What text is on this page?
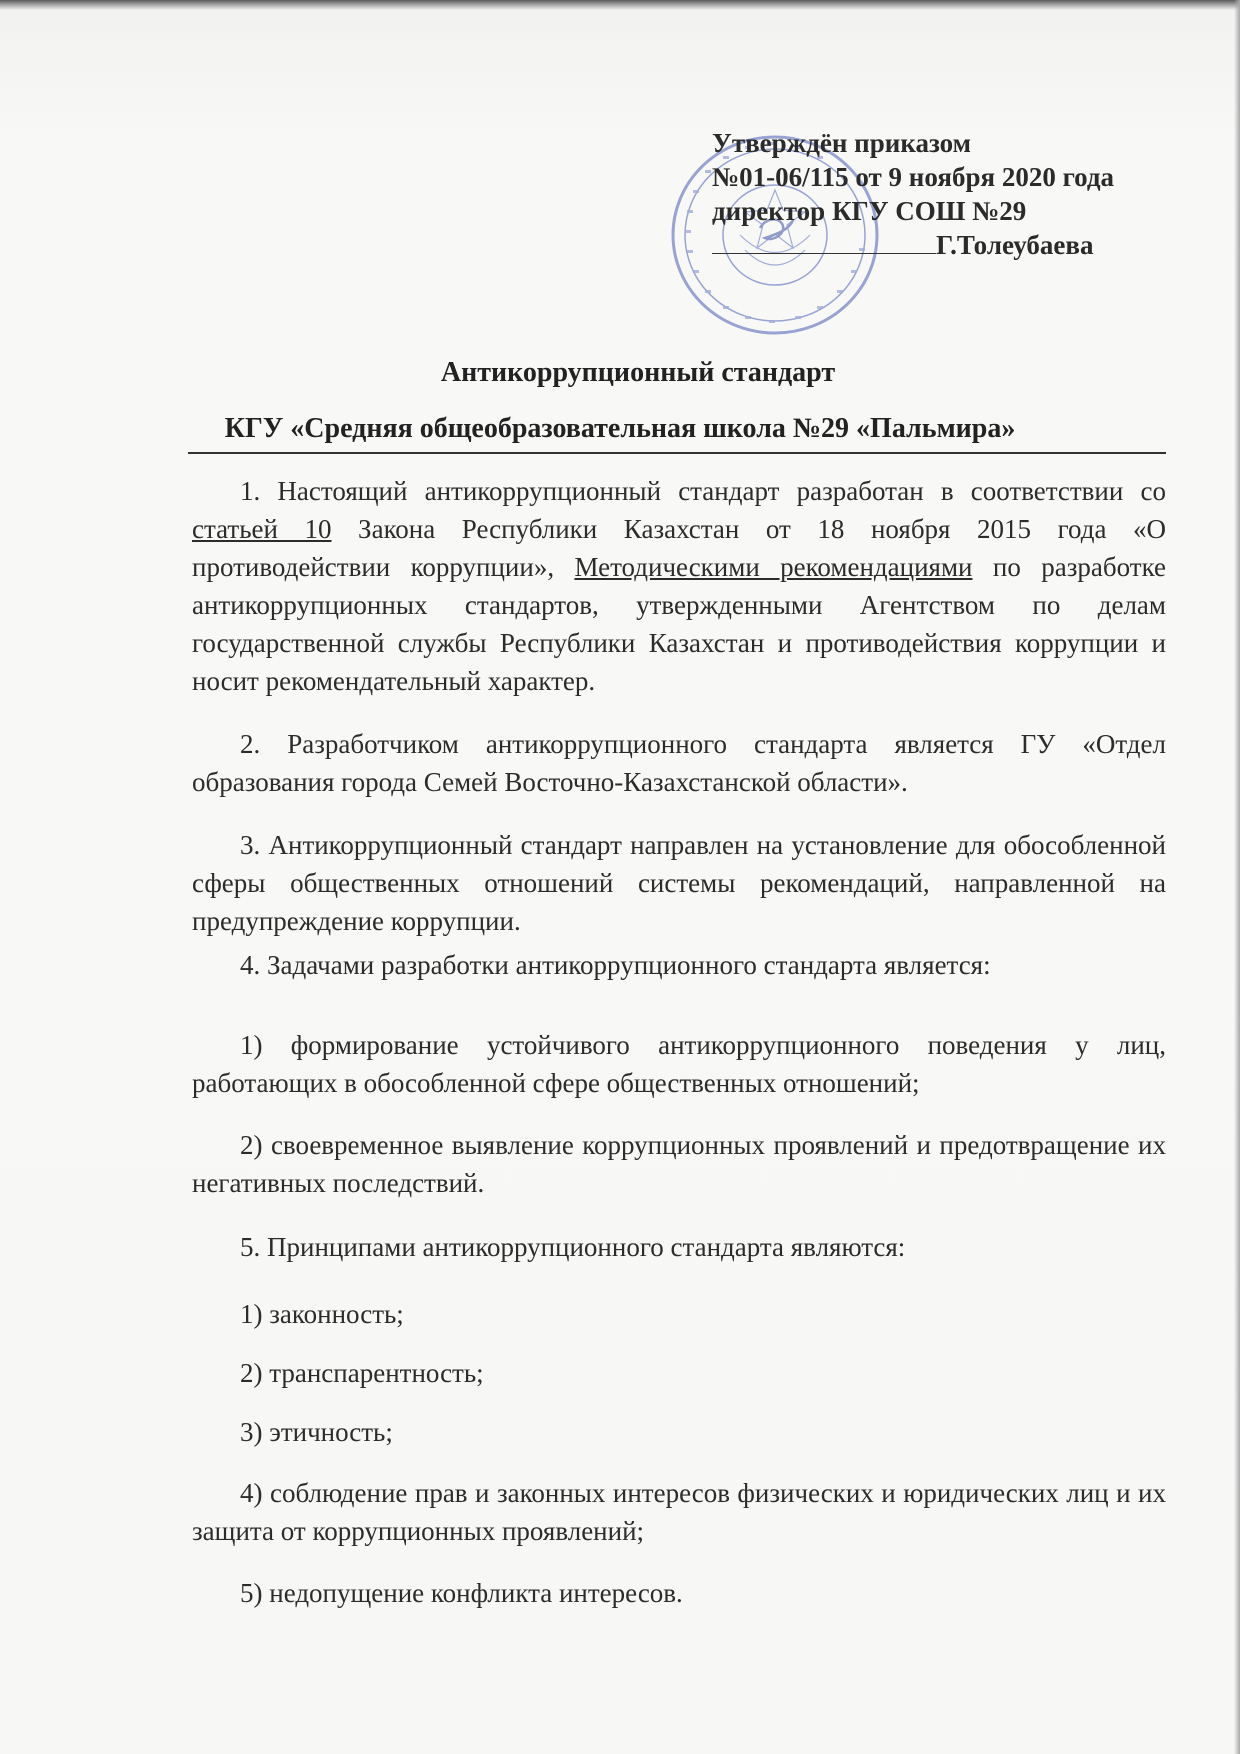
Утверждён приказом
№01-06/115 от 9 ноября 2020 года
директор КГУ СОШ №29
Г.Толеубаева
Антикоррупционный стандарт
КГУ «Средняя общеобразовательная школа №29 «Пальмира»
1. Настоящий антикоррупционный стандарт разработан в соответствии со статьей 10 Закона Республики Казахстан от 18 ноября 2015 года «О противодействии коррупции», Методическими рекомендациями по разработке антикоррупционных стандартов, утвержденными Агентством по делам государственной службы Республики Казахстан и противодействия коррупции и носит рекомендательный характер.
2. Разработчиком антикоррупционного стандарта является ГУ «Отдел образования города Семей Восточно-Казахстанской области».
3. Антикоррупционный стандарт направлен на установление для обособленной сферы общественных отношений системы рекомендаций, направленной на предупреждение коррупции.
4. Задачами разработки антикоррупционного стандарта является:
1) формирование устойчивого антикоррупционного поведения у лиц, работающих в обособленной сфере общественных отношений;
2) своевременное выявление коррупционных проявлений и предотвращение их негативных последствий.
5. Принципами антикоррупционного стандарта являются:
1) законность;
2) транспарентность;
3) этичность;
4) соблюдение прав и законных интересов физических и юридических лиц и их защита от коррупционных проявлений;
5) недопущение конфликта интересов.
